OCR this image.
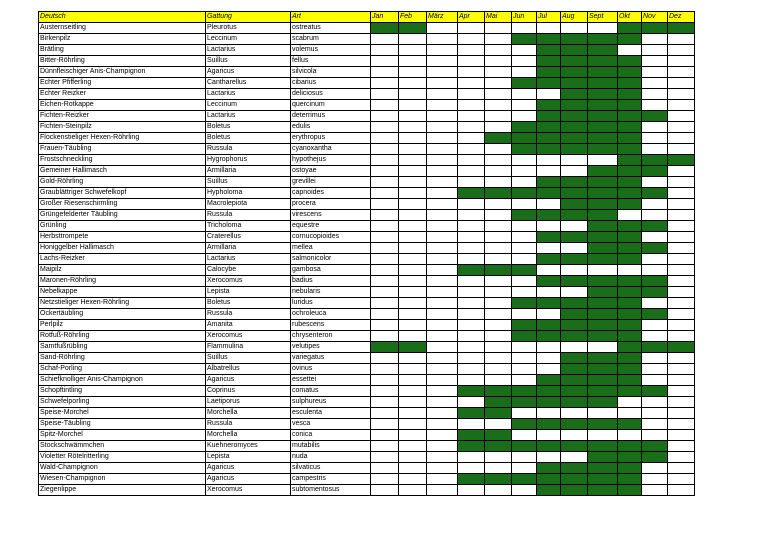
Deutsch	Gattung	Art	Jan	Feb	März	Apr	Mai	Jun	Jul	Aug	Sept	Okt	Nov	Dez
Austernseitling	Pleurotus	ostreatus												
Birkenpilz	Leccinum	scabrum												
Brätling	Lactarius	volemus												
Bitter-Röhrling	Suillus	fellus												
Dünnfleischiger Anis-Champignon	Agaricus	silvicola												
Echter Pfifferling	Cantharellus	cibarius												
Echter Reizker	Lactarius	deliciosus												
Eichen-Rotkappe	Leccinum	quercinum												
Fichten-Reizker	Lactarius	deterrimus												
Fichten-Steinpilz	Boletus	edulis												
Flockenstieliger Hexen-Röhrling	Boletus	erythropus												
Frauen-Täubling	Russula	cyanoxantha												
Frostschneckling	Hygrophorus	hypothejus												
Gemeiner Hallimasch	Armillaria	ostoyae												
Gold-Röhrling	Suillus	grevillei												
Graublättriger Schwefelkopf	Hypholoma	capnoides												
Großer Riesenschirmling	Macrolepiota	procera												
Grüngefelderter Täubling	Russula	virescens												
Grünling	Tricholoma	equestre												
Herbsttrompete	Craterellus	cornucopioides												
Honiggelber Hallimasch	Armillaria	mellea												
Lachs-Reizker	Lactarius	salmonicolor												
Maipilz	Calocybe	gambosa												
Maronen-Röhrling	Xerocomus	badius												
Nebelkappe	Lepista	nebularis												
Netzstieliger Hexen-Röhrling	Boletus	luridus												
Ockertäubling	Russula	ochroleuca												
Perlpilz	Amanita	rubescens												
Rotfuß-Röhrling	Xerocomus	chrysenteron												
Samtfußrübling	Flammulina	velutipes												
Sand-Röhrling	Suillus	variegatus												
Schaf-Porling	Albatrellus	ovinus												
Schiefknolliger Anis-Champignon	Agaricus	essettei												
Schopftintling	Coprinus	comatus												
Schwefelporling	Laetiporus	sulphureus												
Speise-Morchel	Morchella	esculenta												
Speise-Täubling	Russula	vesca												
Spitz-Morchel	Morchella	conica												
Stockschwämmchen	Kuehneromyces	mutabilis												
Violetter Rötelritterling	Lepista	nuda												
Wald-Champignon	Agaricus	silvaticus												
Wiesen-Champignon	Agaricus	campestris												
Ziegenlippe	Xerocomus	subtomentosus												
